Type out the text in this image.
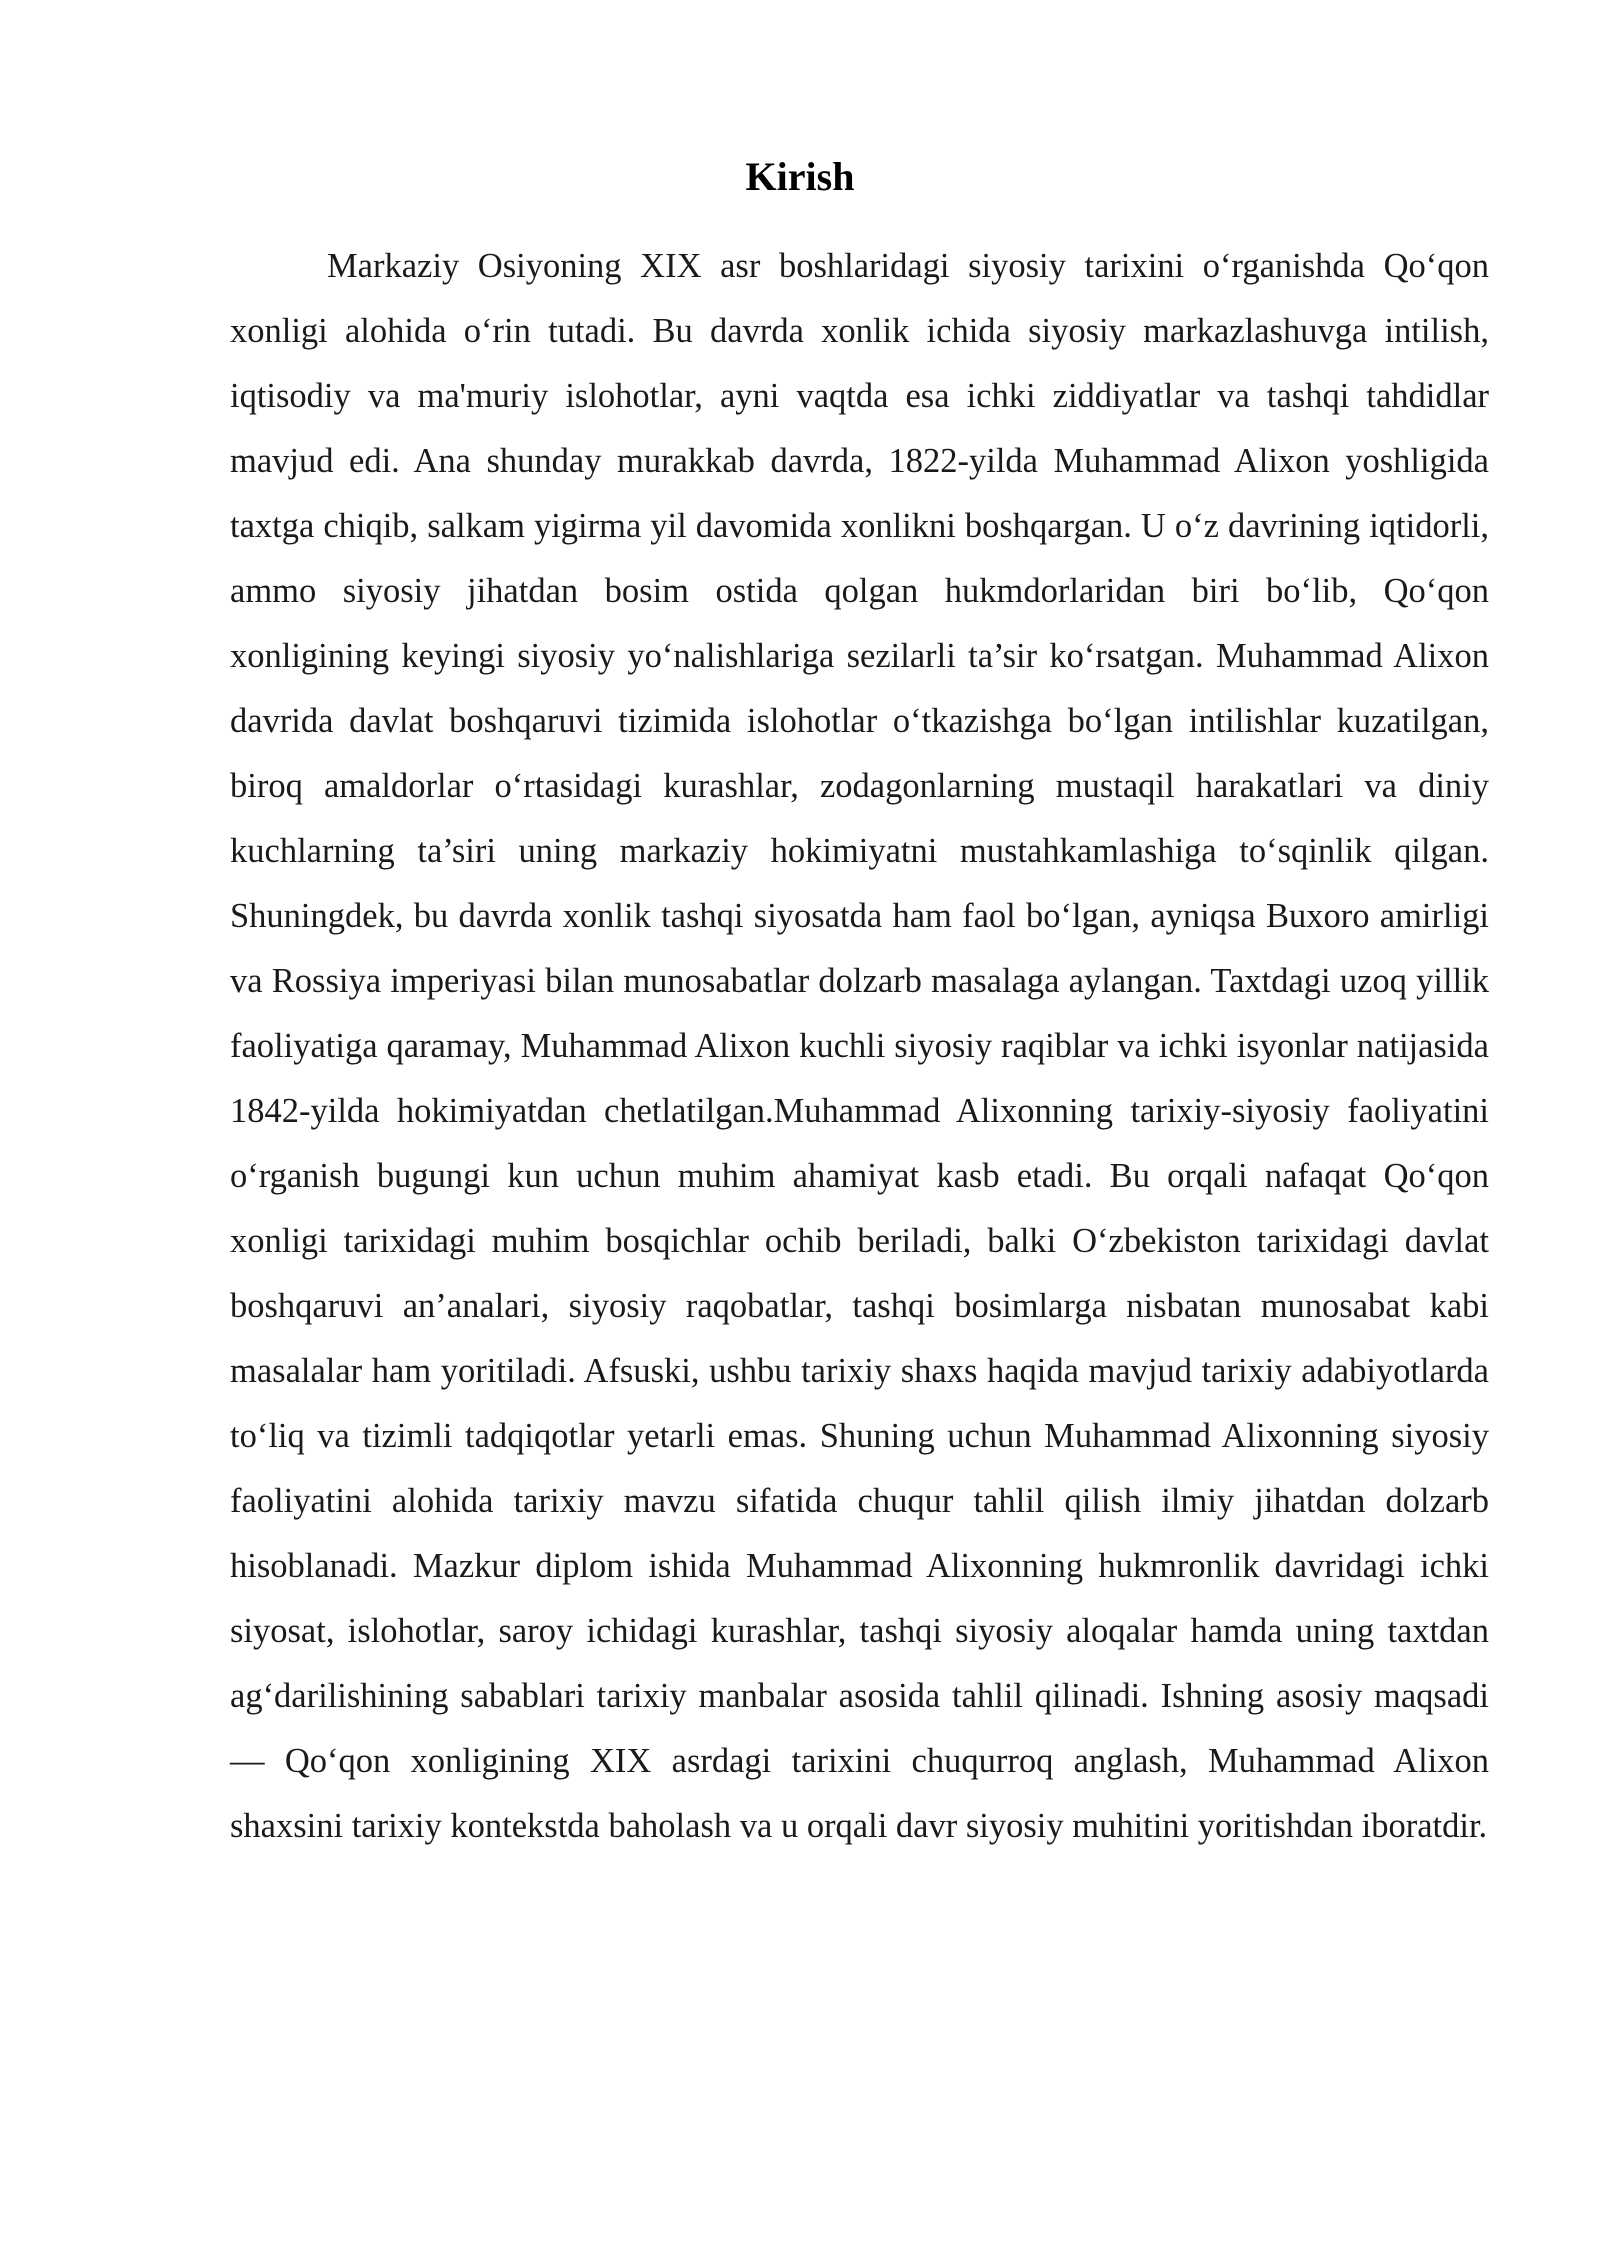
Kirish

Markaziy Osiyoning XIX asr boshlaridagi siyosiy tarixini o‘rganishda Qo‘qon xonligi alohida o‘rin tutadi. Bu davrda xonlik ichida siyosiy markazlashuvga intilish, iqtisodiy va ma'muriy islohotlar, ayni vaqtda esa ichki ziddiyatlar va tashqi tahdidlar mavjud edi. Ana shunday murakkab davrda, 1822-yilda Muhammad Alixon yoshligida taxtga chiqib, salkam yigirma yil davomida xonlikni boshqargan. U o‘z davrining iqtidorli, ammo siyosiy jihatdan bosim ostida qolgan hukmdorlaridan biri bo‘lib, Qo‘qon xonligining keyingi siyosiy yo‘nalishlariga sezilarli ta’sir ko‘rsatgan. Muhammad Alixon davrida davlat boshqaruvi tizimida islohotlar o‘tkazishga bo‘lgan intilishlar kuzatilgan, biroq amaldorlar o‘rtasidagi kurashlar, zodagonlarning mustaqil harakatlari va diniy kuchlarning ta’siri uning markaziy hokimiyatni mustahkamlashiga to‘sqinlik qilgan. Shuningdek, bu davrda xonlik tashqi siyosatda ham faol bo‘lgan, ayniqsa Buxoro amirligi va Rossiya imperiyasi bilan munosabatlar dolzarb masalaga aylangan. Taxtdagi uzoq yillik faoliyatiga qaramay, Muhammad Alixon kuchli siyosiy raqiblar va ichki isyonlar natijasida 1842-yilda hokimiyatdan chetlatilgan.Muhammad Alixonning tarixiy-siyosiy faoliyatini o‘rganish bugungi kun uchun muhim ahamiyat kasb etadi. Bu orqali nafaqat Qo‘qon xonligi tarixidagi muhim bosqichlar ochib beriladi, balki O‘zbekiston tarixidagi davlat boshqaruvi an’analari, siyosiy raqobatlar, tashqi bosimlarga nisbatan munosabat kabi masalalar ham yoritiladi. Afsuski, ushbu tarixiy shaxs haqida mavjud tarixiy adabiyotlarda to‘liq va tizimli tadqiqotlar yetarli emas. Shuning uchun Muhammad Alixonning siyosiy faoliyatini alohida tarixiy mavzu sifatida chuqur tahlil qilish ilmiy jihatdan dolzarb hisoblanadi. Mazkur diplom ishida Muhammad Alixonning hukmronlik davridagi ichki siyosat, islohotlar, saroy ichidagi kurashlar, tashqi siyosiy aloqalar hamda uning taxtdan ag‘darilishining sabablari tarixiy manbalar asosida tahlil qilinadi. Ishning asosiy maqsadi — Qo‘qon xonligining XIX asrdagi tarixini chuqurroq anglash, Muhammad Alixon shaxsini tarixiy kontekstda baholash va u orqali davr siyosiy muhitini yoritishdan iboratdir.
